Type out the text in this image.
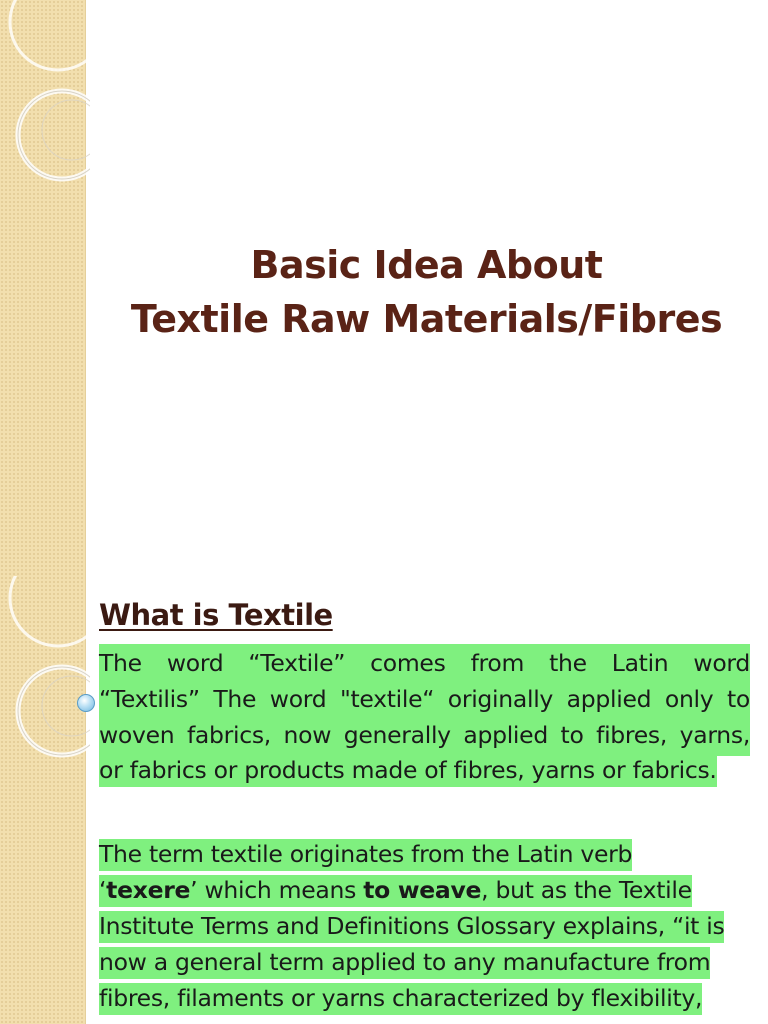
Basic Idea About
Textile Raw Materials/Fibres
What is Textile
The word “Textile” comes from the Latin word
“Textilis” The word "textile“ originally applied only to
woven fabrics, now generally applied to fibres, yarns,
or fabrics or products made of fibres, yarns or fabrics.
The term textile originates from the Latin verb
‘texere’ which means to weave, but as the Textile
Institute Terms and Definitions Glossary explains, “it is
now a general term applied to any manufacture from
fibres, filaments or yarns characterized by flexibility,
